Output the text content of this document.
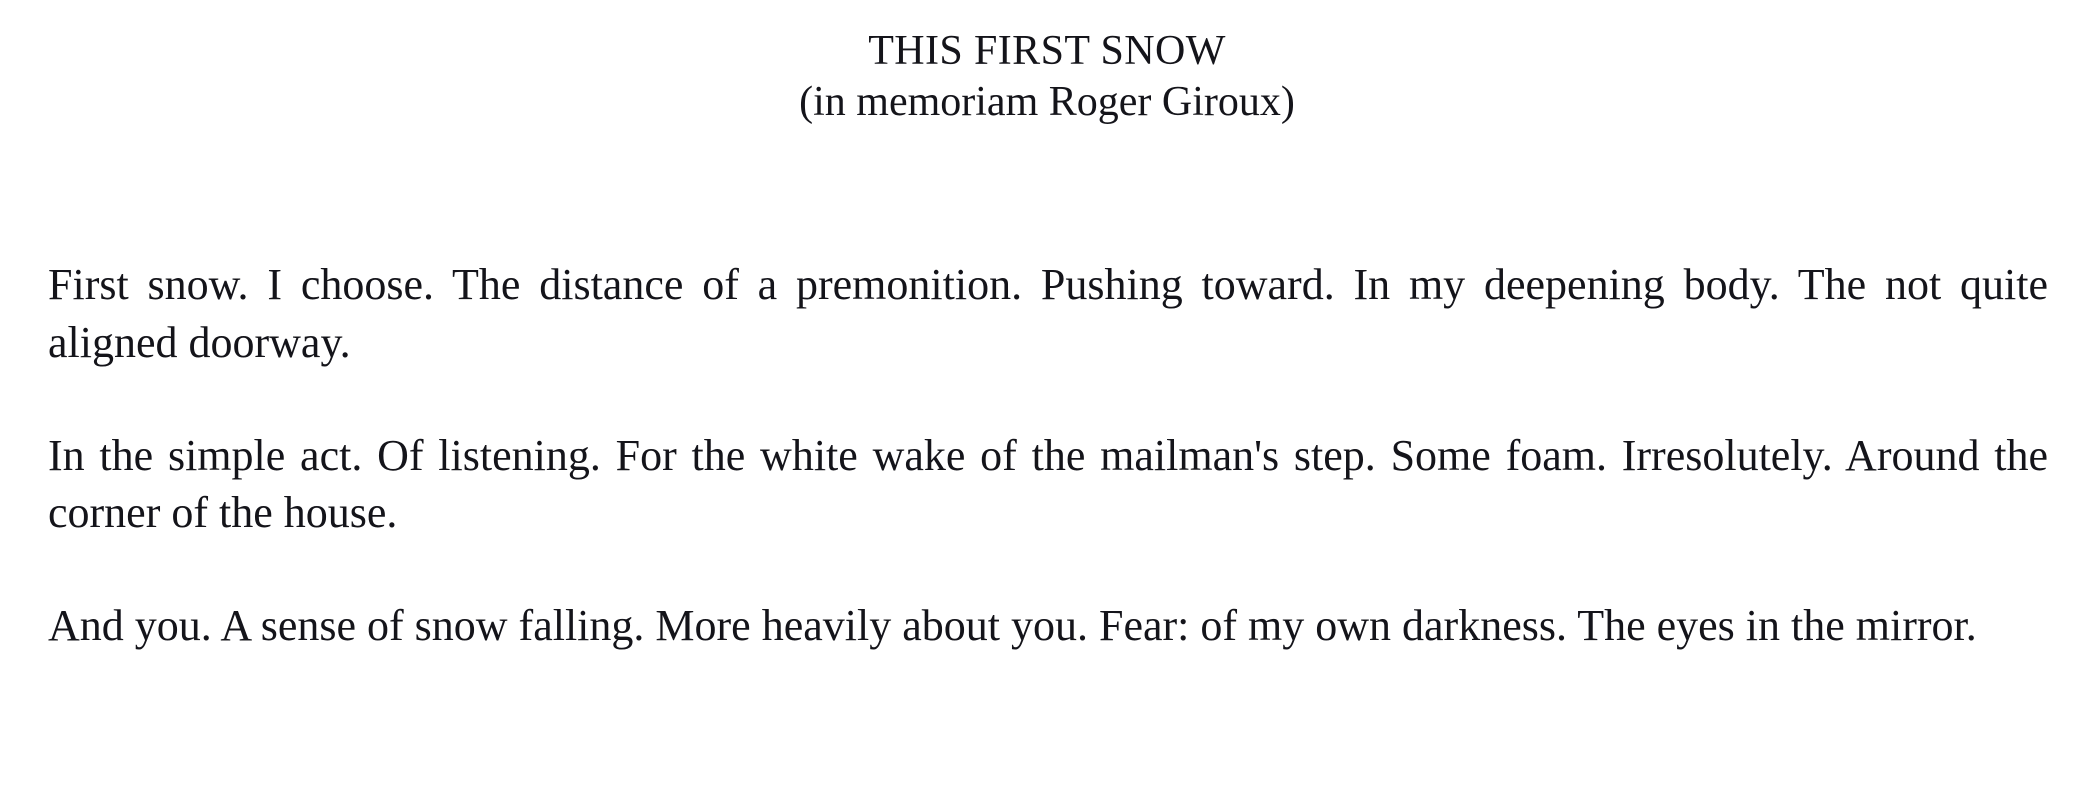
THIS FIRST SNOW
(in memoriam Roger Giroux)

First snow. I choose. The distance of a premonition. Pushing toward. In my deepening body. The not quite aligned doorway.

In the simple act. Of listening. For the white wake of the mailman's step. Some foam. Irresolutely. Around the corner of the house.

And you. A sense of snow falling. More heavily about you. Fear: of my own darkness. The eyes in the mirror.
